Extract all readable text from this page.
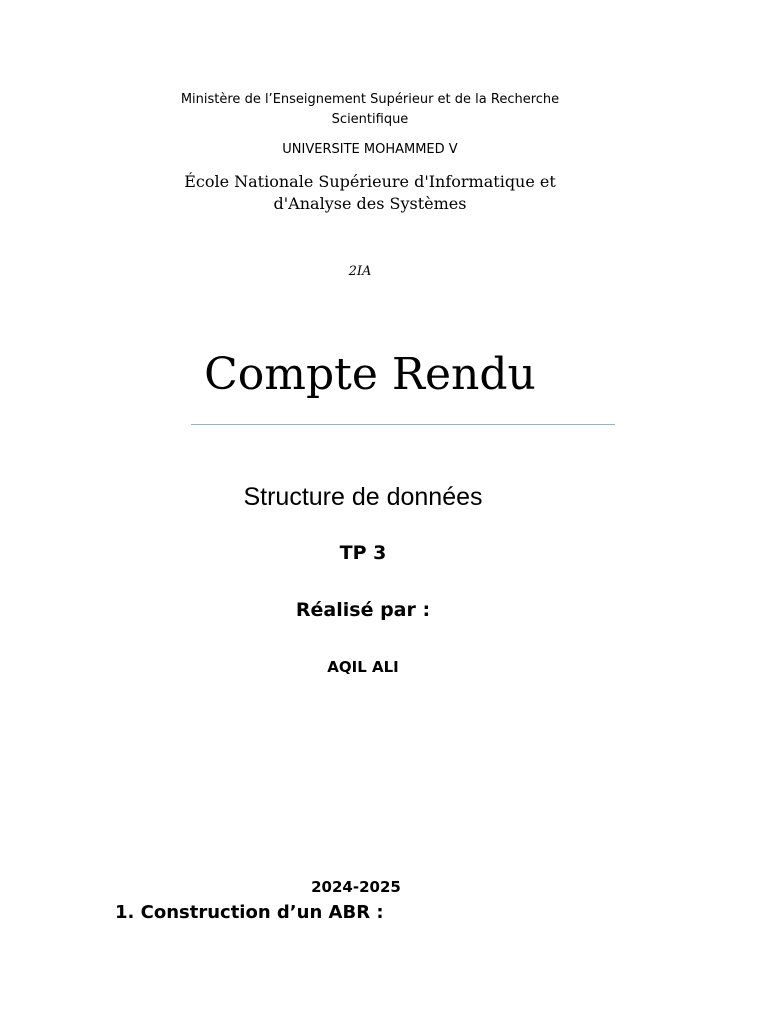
Ministère de l’Enseignement Supérieur et de la Recherche Scientifique

UNIVERSITE MOHAMMED V

École Nationale Supérieure d'Informatique et d'Analyse des Systèmes

2IA

Compte Rendu

Structure de données

TP 3

Réalisé par :

AQIL ALI

2024-2025

1. Construction d’un ABR :
